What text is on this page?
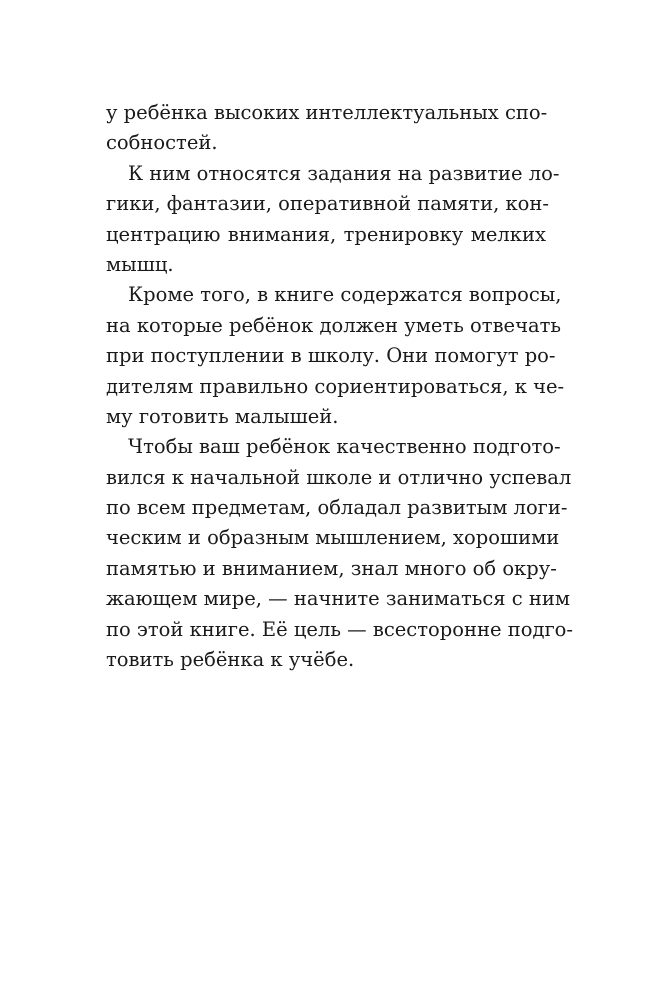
у ребёнка высоких интеллектуальных спо-
собностей.
К ним относятся задания на развитие ло-
гики, фантазии, оперативной памяти, кон-
центрацию внимания, тренировку мелких
мышц.
Кроме того, в книге содержатся вопросы,
на которые ребёнок должен уметь отвечать
при поступлении в школу. Они помогут ро-
дителям правильно сориентироваться, к че-
му готовить малышей.
Чтобы ваш ребёнок качественно подгото-
вился к начальной школе и отлично успевал
по всем предметам, обладал развитым логи-
ческим и образным мышлением, хорошими
памятью и вниманием, знал много об окру-
жающем мире, — начните заниматься с ним
по этой книге. Её цель — всесторонне подго-
товить ребёнка к учёбе.
